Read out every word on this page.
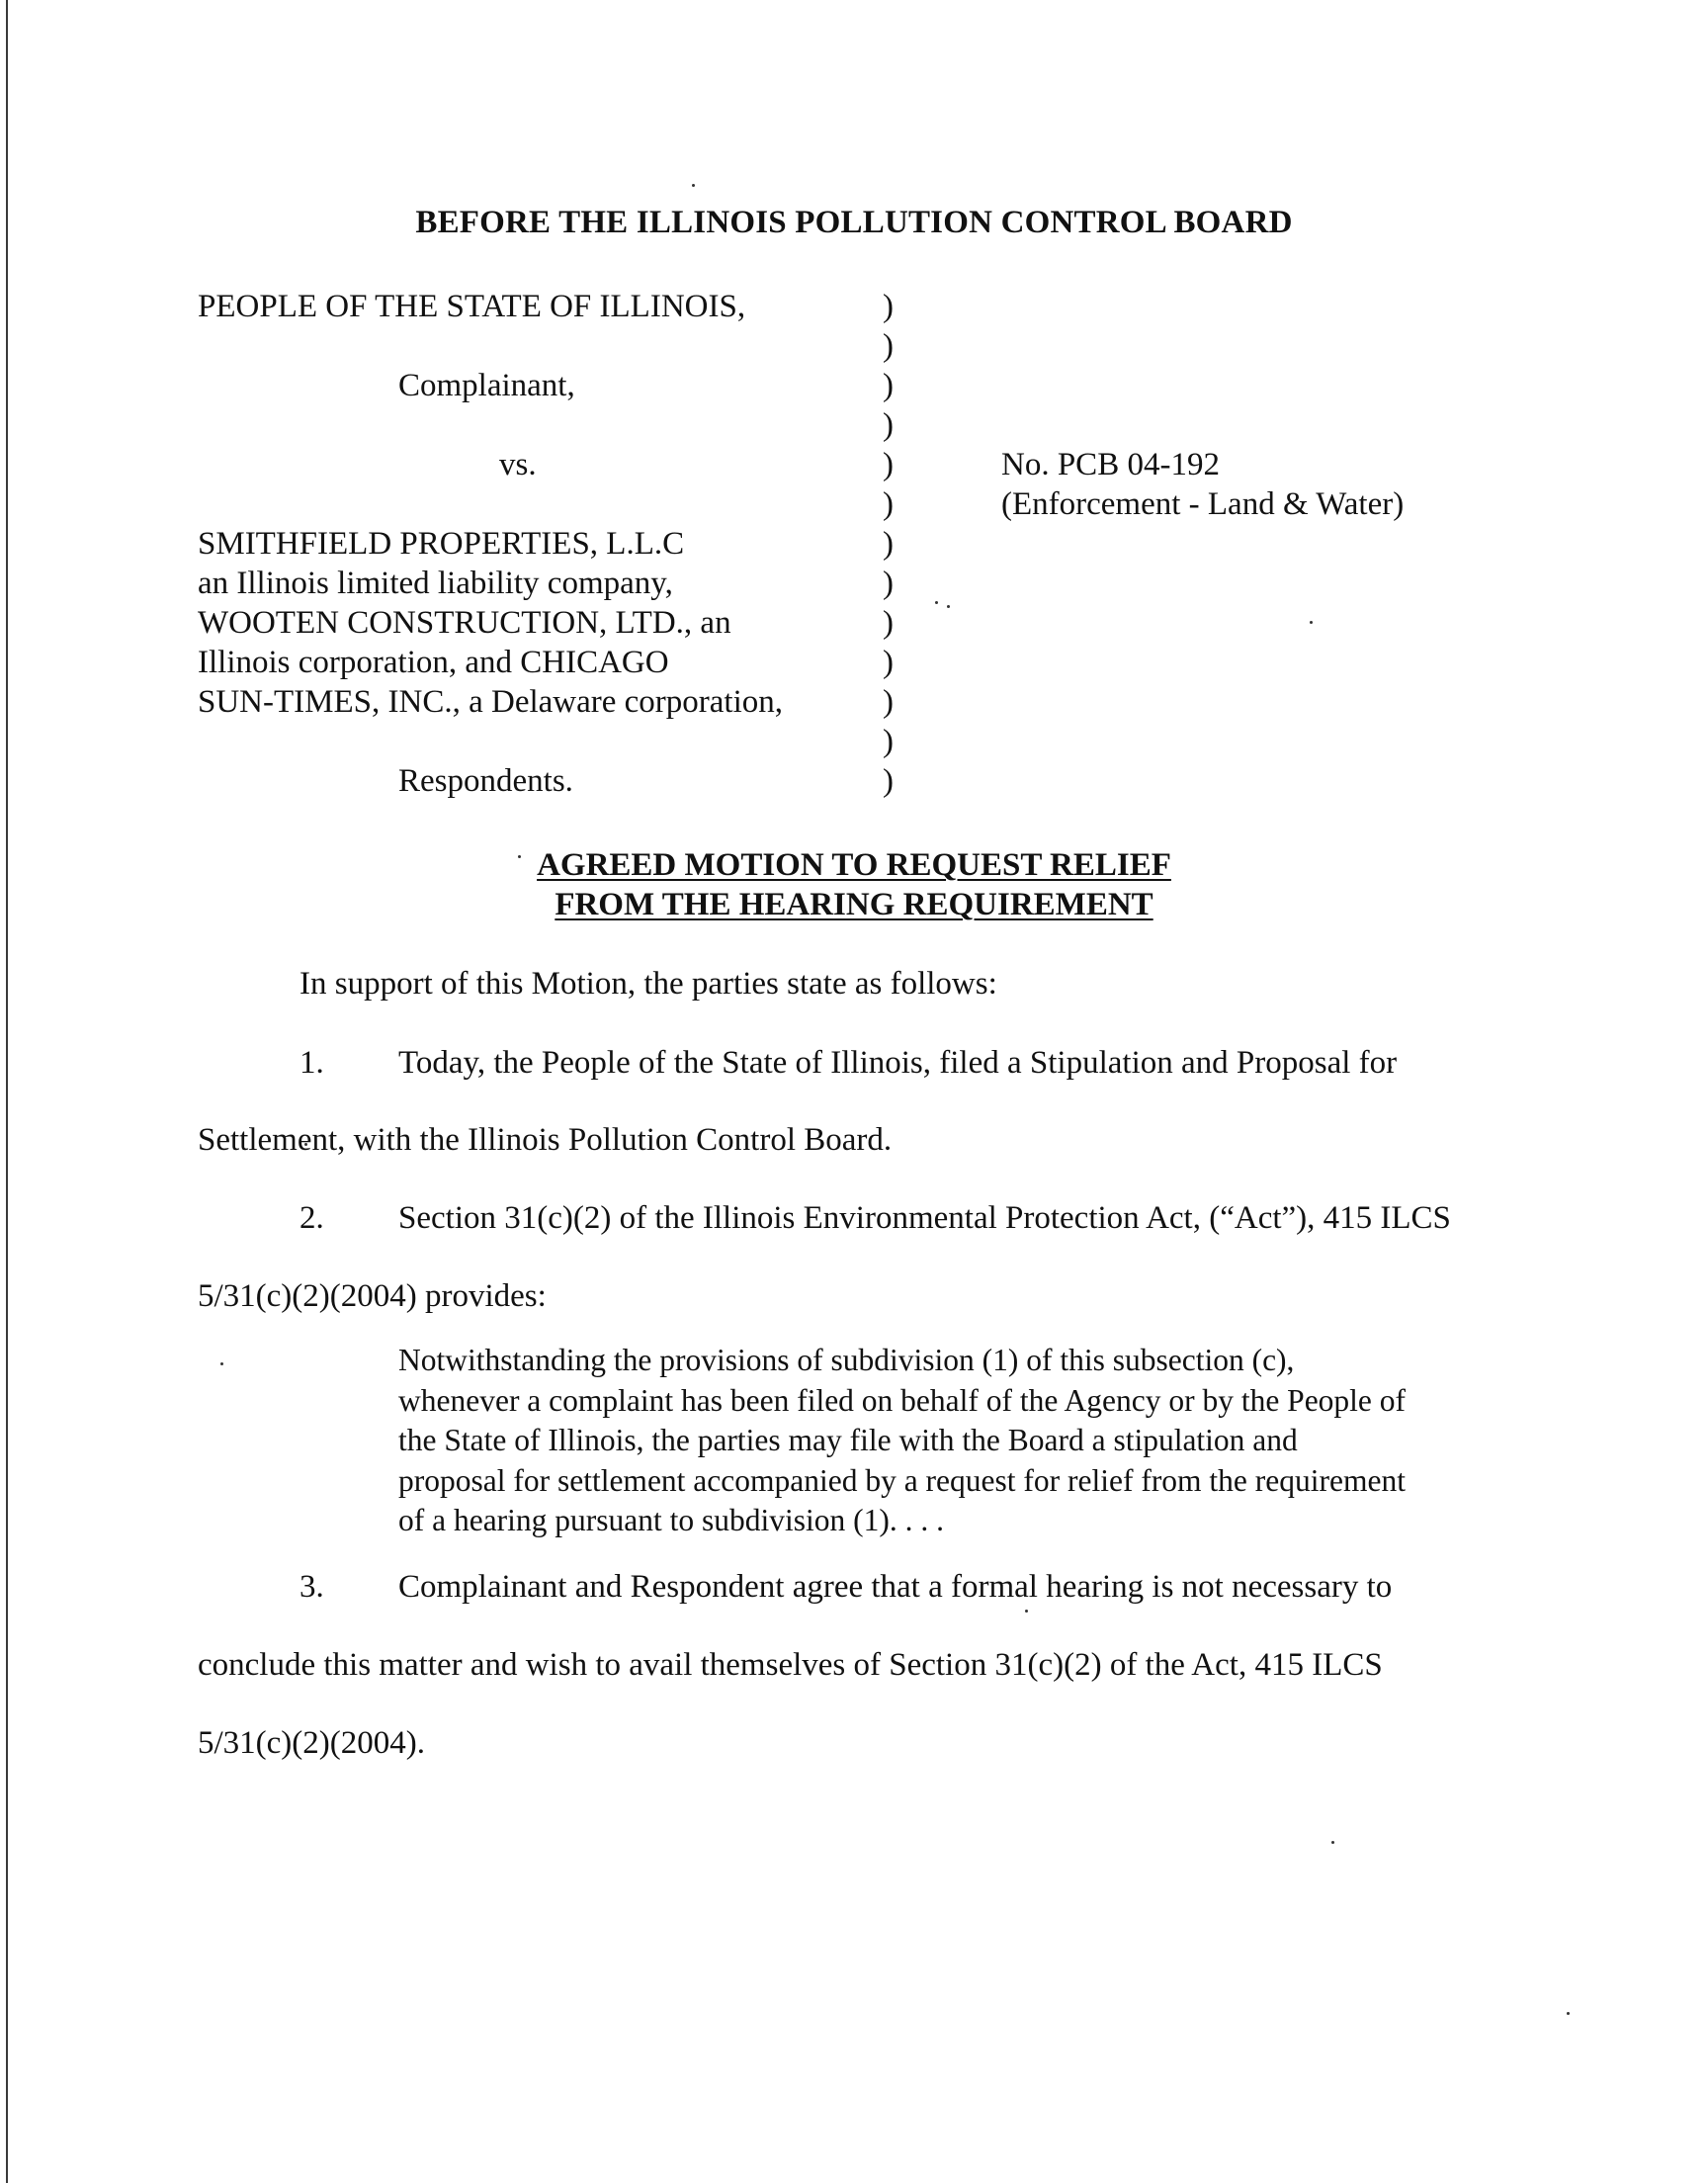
BEFORE THE ILLINOIS POLLUTION CONTROL BOARD
PEOPLE OF THE STATE OF ILLINOIS,
Complainant,
vs.
SMITHFIELD PROPERTIES, L.L.C
an Illinois limited liability company,
WOOTEN CONSTRUCTION, LTD., an
Illinois corporation, and CHICAGO
SUN-TIMES, INC., a Delaware corporation,
Respondents.
)
)
)
)
)
)
)
)
)
)
)
)
)
No. PCB 04-192
(Enforcement - Land & Water)
AGREED MOTION TO REQUEST RELIEF
FROM THE HEARING REQUIREMENT
In support of this Motion, the parties state as follows:
1. Today, the People of the State of Illinois, filed a Stipulation and Proposal for
Settlement, with the Illinois Pollution Control Board.
2. Section 31(c)(2) of the Illinois Environmental Protection Act, (“Act”), 415 ILCS
5/31(c)(2)(2004) provides:
Notwithstanding the provisions of subdivision (1) of this subsection (c), whenever a complaint has been filed on behalf of the Agency or by the People of the State of Illinois, the parties may file with the Board a stipulation and proposal for settlement accompanied by a request for relief from the requirement of a hearing pursuant to subdivision (1). . . .
3. Complainant and Respondent agree that a formal hearing is not necessary to
conclude this matter and wish to avail themselves of Section 31(c)(2) of the Act, 415 ILCS
5/31(c)(2)(2004).
